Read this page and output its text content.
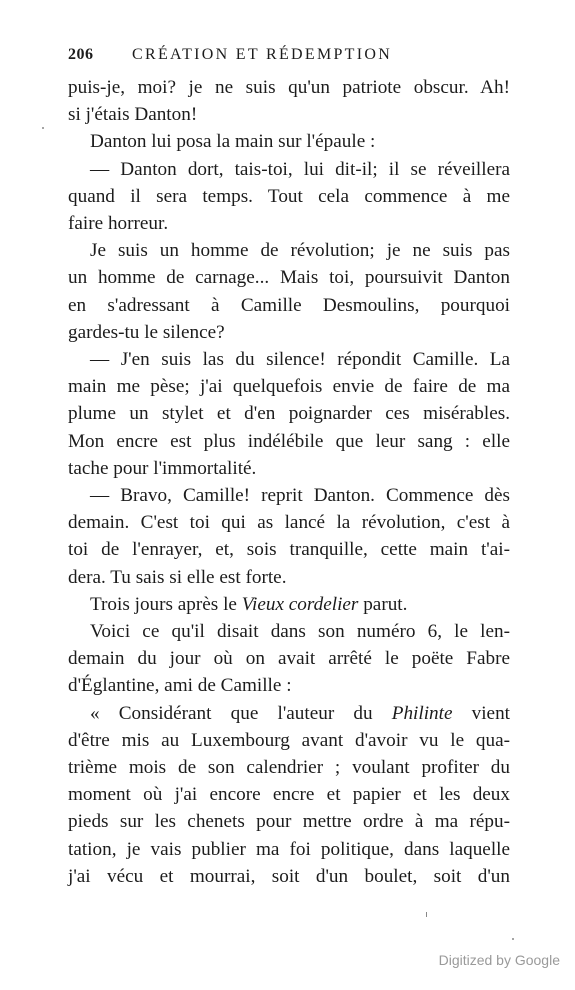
206	CRÉATION ET RÉDEMPTION

puis-je, moi? je ne suis qu'un patriote obscur. Ah!

si j'étais Danton!

Danton lui posa la main sur l'épaule :

— Danton dort, tais-toi, lui dit-il; il se réveillera

quand il sera temps. Tout cela commence à me

faire horreur.

Je suis un homme de révolution; je ne suis pas

un homme de carnage... Mais toi, poursuivit Danton

en s'adressant à Camille Desmoulins, pourquoi

gardes-tu le silence?

— J'en suis las du silence! répondit Camille. La

main me pèse; j'ai quelquefois envie de faire de ma

plume un stylet et d'en poignarder ces misérables.

Mon encre est plus indélébile que leur sang : elle

tache pour l'immortalité.

— Bravo, Camille! reprit Danton. Commence dès

demain. C'est toi qui as lancé la révolution, c'est à

toi de l'enrayer, et, sois tranquille, cette main t'ai-

dera. Tu sais si elle est forte.

Trois jours après le Vieux cordelier parut.

Voici ce qu'il disait dans son numéro 6, le len-

demain du jour où on avait arrêté le poëte Fabre

d'Églantine, ami de Camille :

« Considérant que l'auteur du Philinte vient

d'être mis au Luxembourg avant d'avoir vu le qua-

trième mois de son calendrier ; voulant profiter du

moment où j'ai encore encre et papier et les deux

pieds sur les chenets pour mettre ordre à ma répu-

tation, je vais publier ma foi politique, dans laquelle

j'ai vécu et mourrai, soit d'un boulet, soit d'un

Digitized by Google
